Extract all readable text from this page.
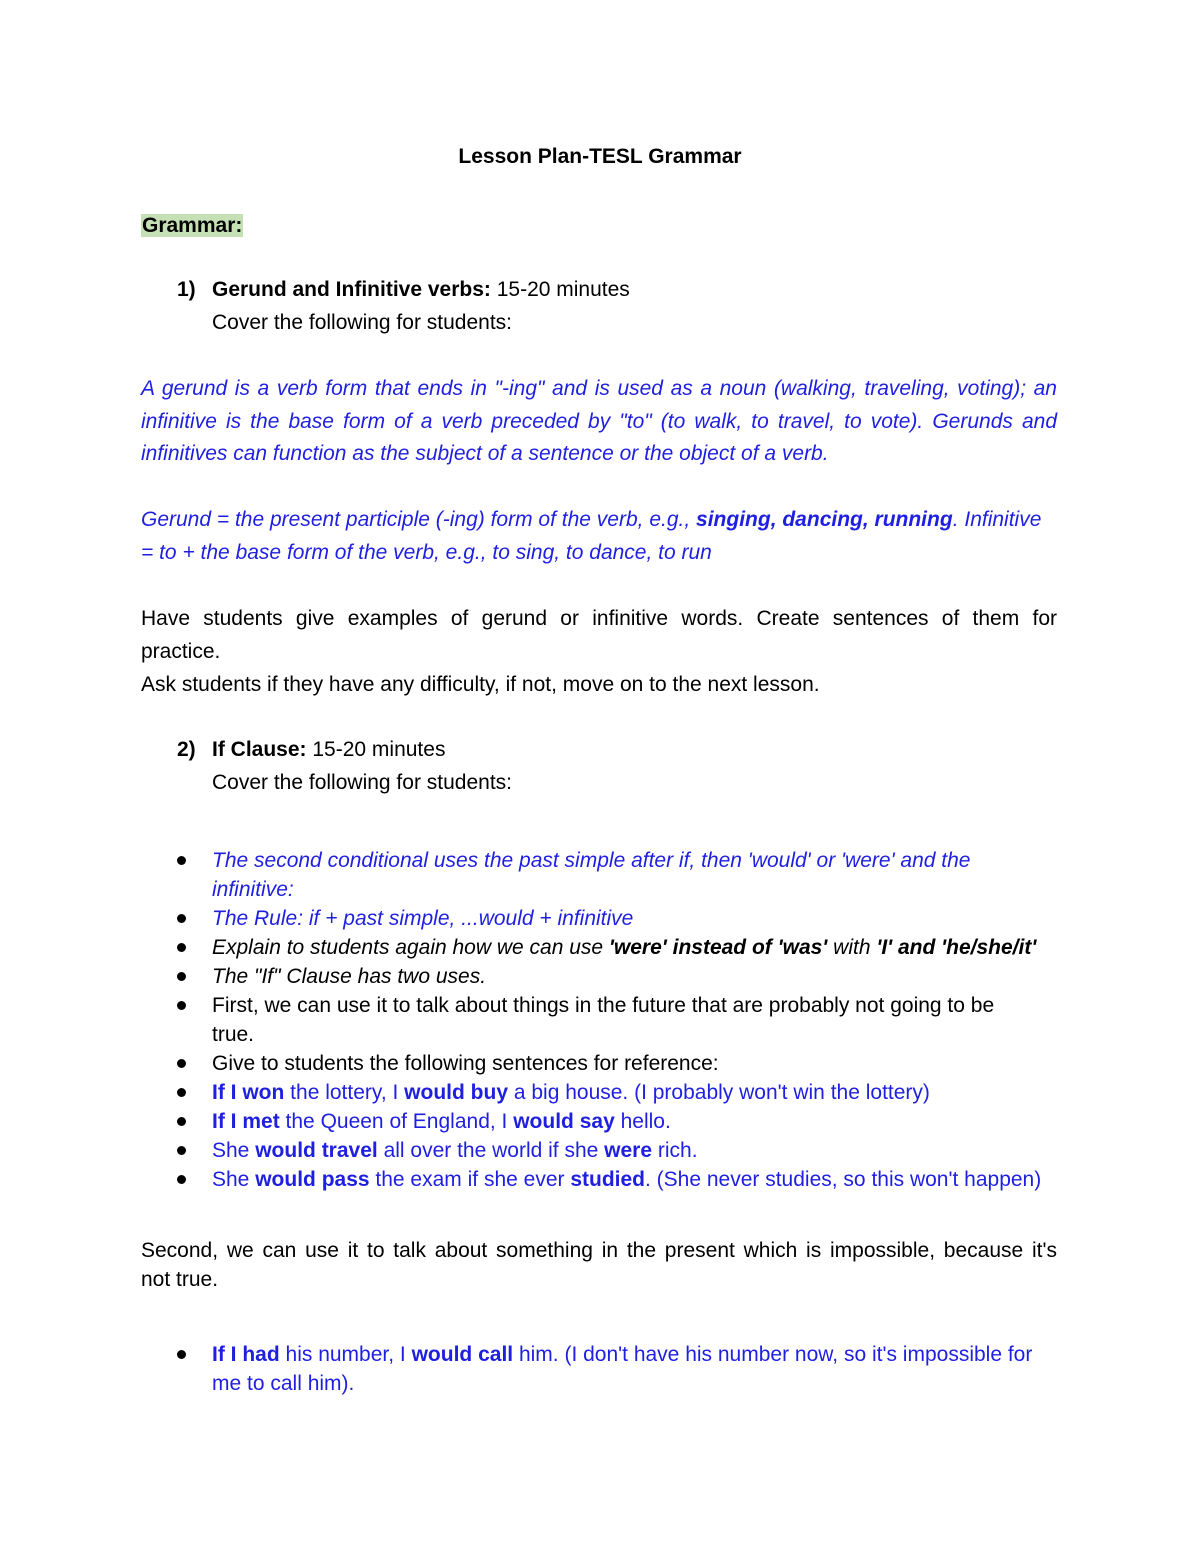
Lesson Plan-TESL Grammar
Grammar:
1) Gerund and Infinitive verbs: 15-20 minutes
Cover the following for students:
A gerund is a verb form that ends in "-ing" and is used as a noun (walking, traveling, voting); an
infinitive is the base form of a verb preceded by "to" (to walk, to travel, to vote). Gerunds and
infinitives can function as the subject of a sentence or the object of a verb.
Gerund = the present participle (-ing) form of the verb, e.g., singing, dancing, running. Infinitive
= to + the base form of the verb, e.g., to sing, to dance, to run
Have students give examples of gerund or infinitive words. Create sentences of them for
practice.
Ask students if they have any difficulty, if not, move on to the next lesson.
2) If Clause: 15-20 minutes
Cover the following for students:
The second conditional uses the past simple after if, then 'would' or 'were' and the
infinitive:
The Rule: if + past simple, ...would + infinitive
Explain to students again how we can use 'were' instead of 'was' with 'I' and 'he/she/it'
The "If" Clause has two uses.
First, we can use it to talk about things in the future that are probably not going to be
true.
Give to students the following sentences for reference:
If I won the lottery, I would buy a big house. (I probably won't win the lottery)
If I met the Queen of England, I would say hello.
She would travel all over the world if she were rich.
She would pass the exam if she ever studied. (She never studies, so this won't happen)
Second, we can use it to talk about something in the present which is impossible, because it's
not true.
If I had his number, I would call him. (I don't have his number now, so it's impossible for
me to call him).
